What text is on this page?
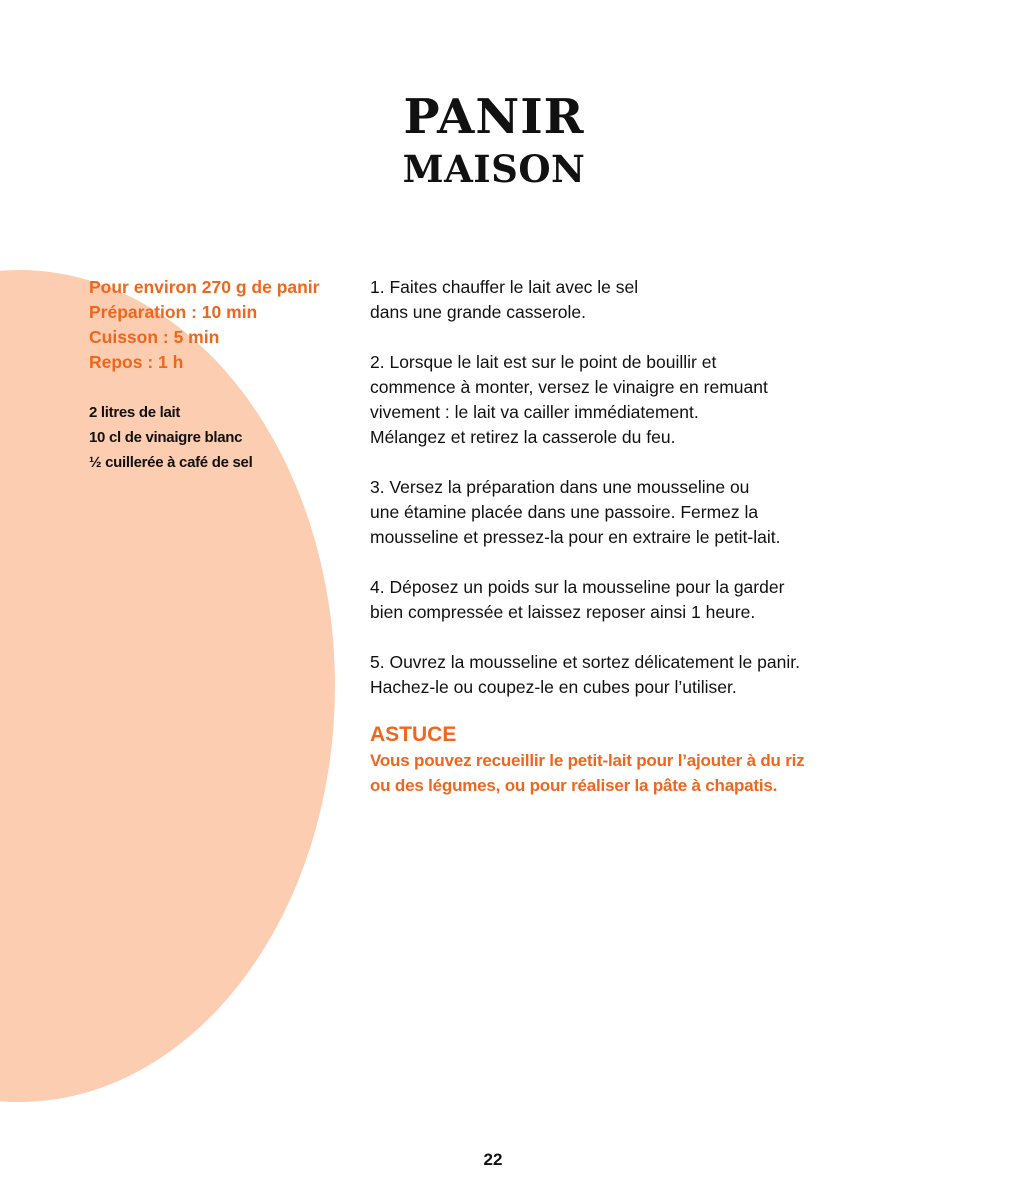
PANIR
MAISON
Pour environ 270 g de panir
Préparation : 10 min
Cuisson : 5 min
Repos : 1 h
2 litres de lait
10 cl de vinaigre blanc
½ cuillerée à café de sel
1. Faites chauffer le lait avec le sel
dans une grande casserole.
2. Lorsque le lait est sur le point de bouillir et
commence à monter, versez le vinaigre en remuant
vivement : le lait va cailler immédiatement.
Mélangez et retirez la casserole du feu.
3. Versez la préparation dans une mousseline ou
une étamine placée dans une passoire. Fermez la
mousseline et pressez-la pour en extraire le petit-lait.
4. Déposez un poids sur la mousseline pour la garder
bien compressée et laissez reposer ainsi 1 heure.
5. Ouvrez la mousseline et sortez délicatement le panir.
Hachez-le ou coupez-le en cubes pour l’utiliser.
ASTUCE
Vous pouvez recueillir le petit-lait pour l’ajouter à du riz
ou des légumes, ou pour réaliser la pâte à chapatis.
22
